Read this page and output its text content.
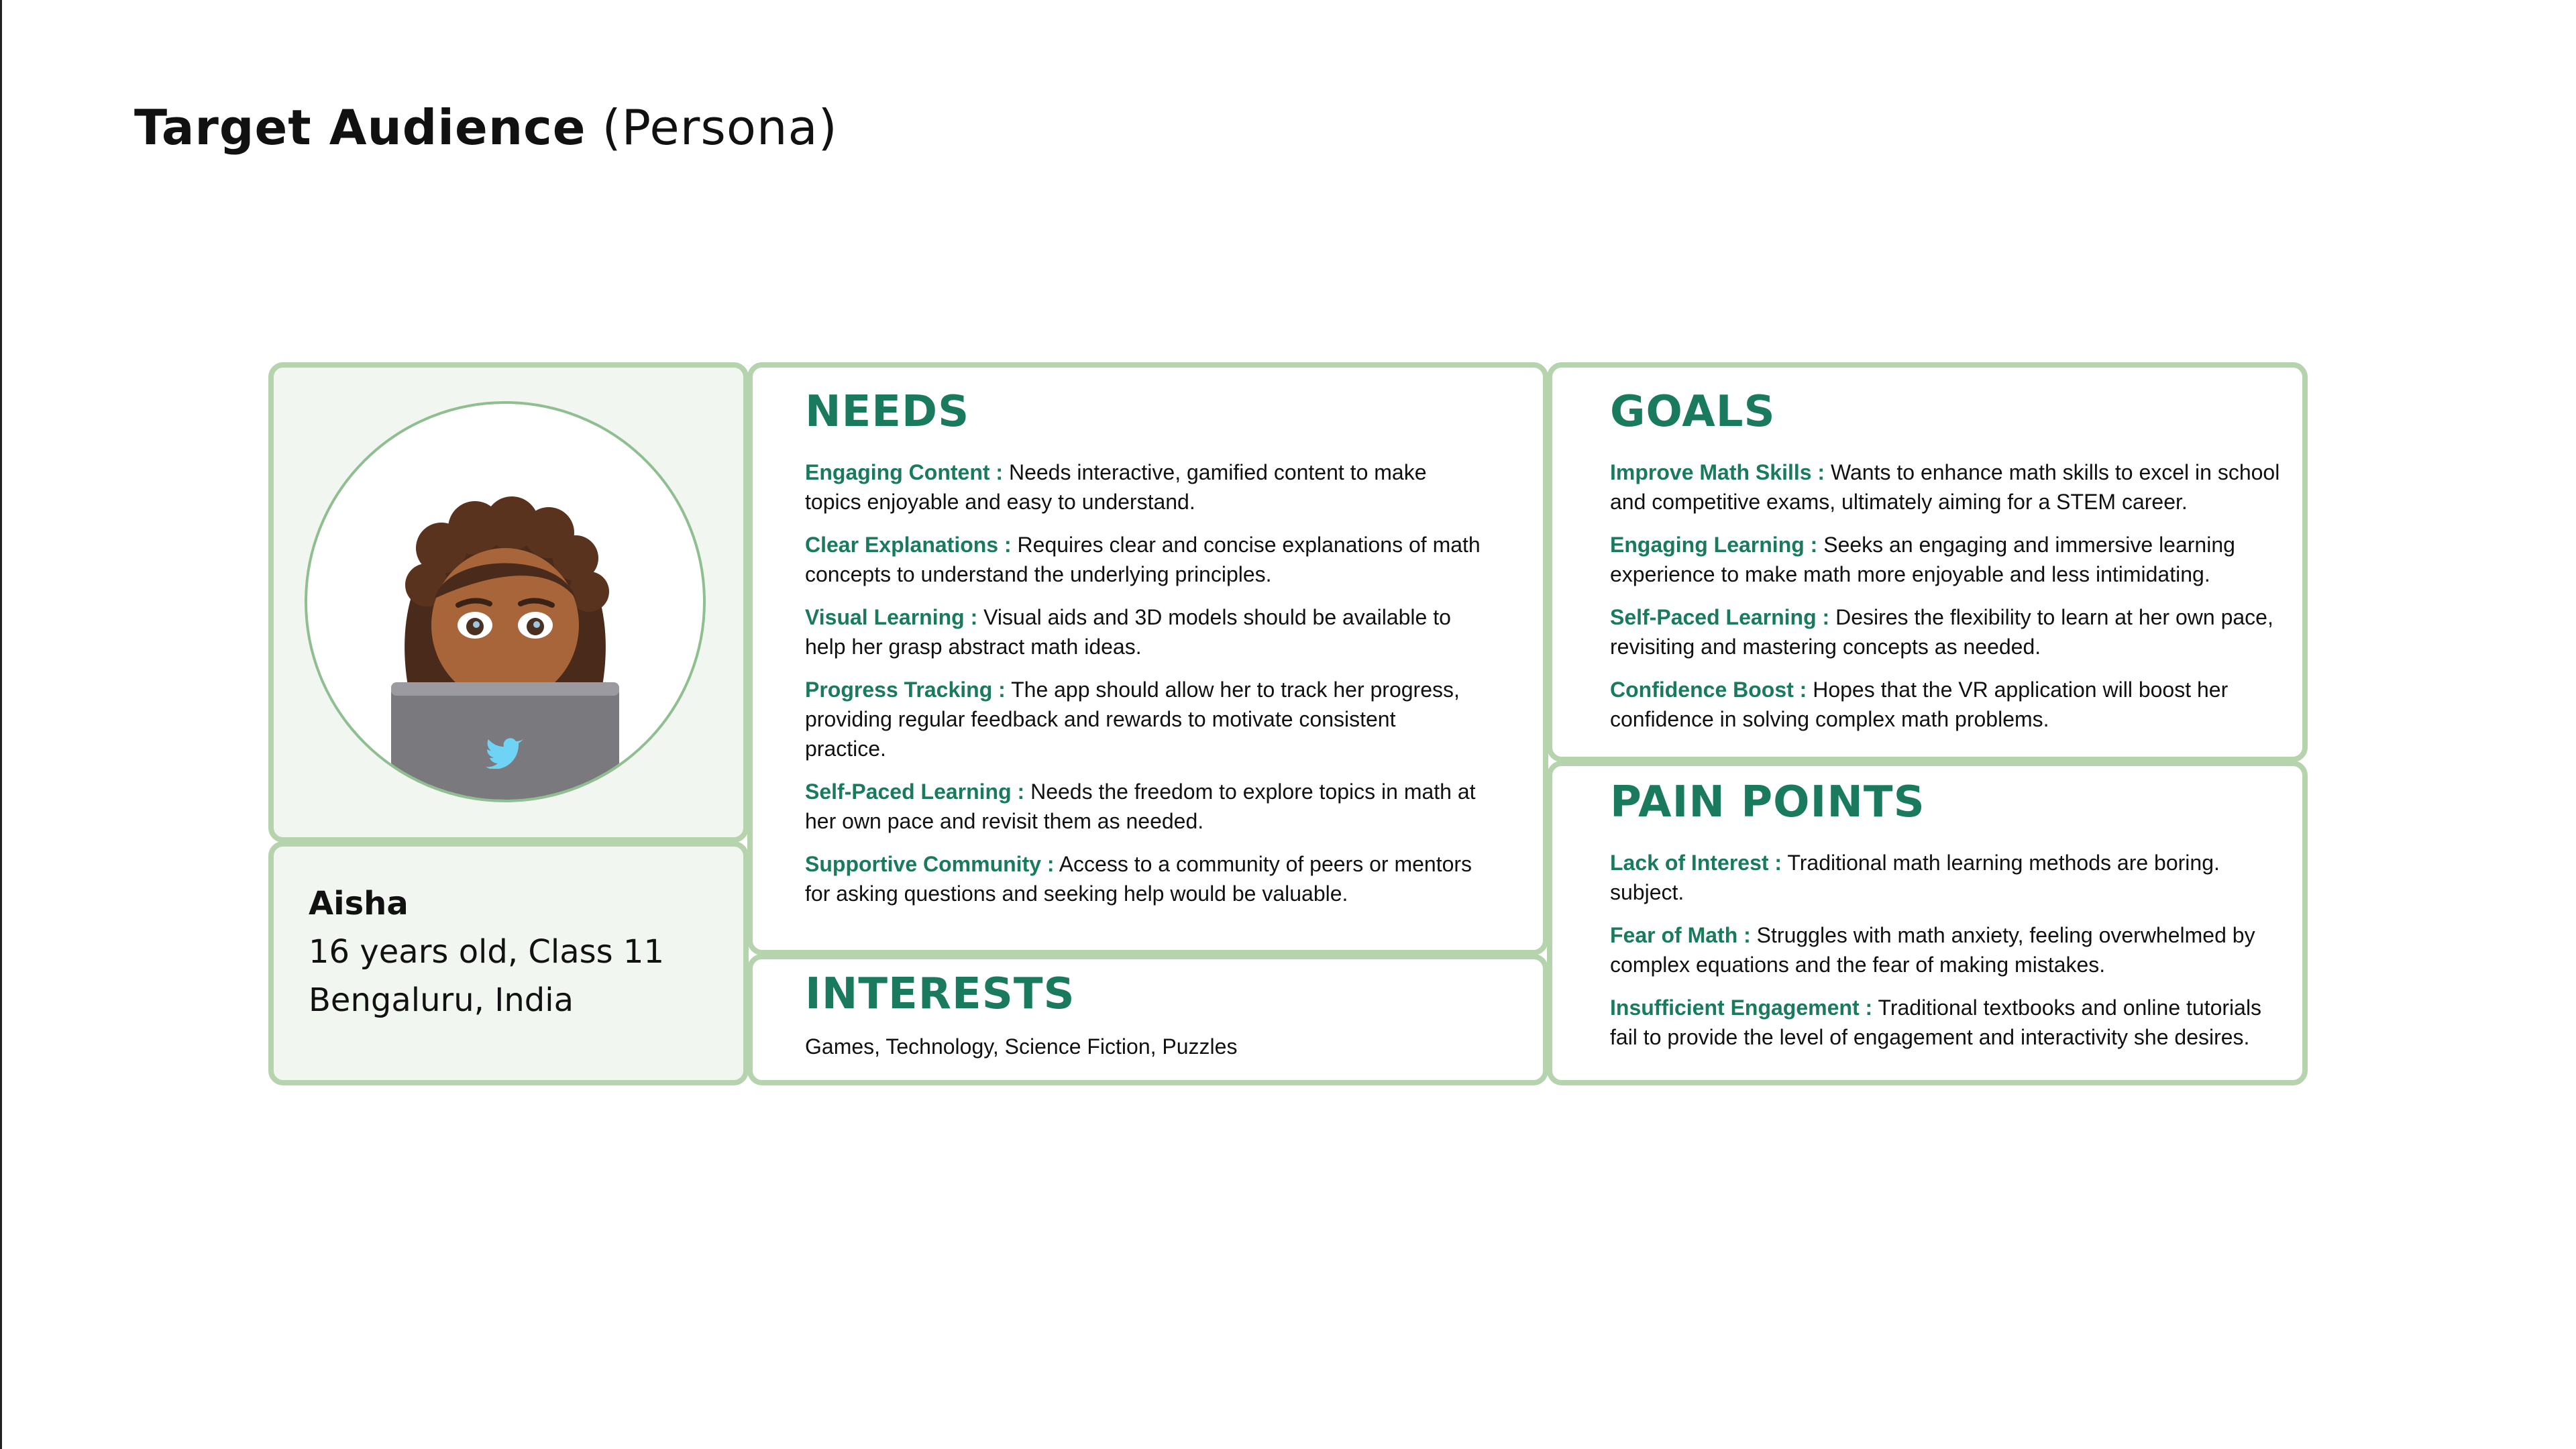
Target Audience (Persona)
Aisha
16 years old, Class 11
Bengaluru, India
NEEDS
Engaging Content : Needs interactive, gamified content to make topics enjoyable and easy to understand.
Clear Explanations : Requires clear and concise explanations of math concepts to understand the underlying principles.
Visual Learning : Visual aids and 3D models should be available to help her grasp abstract math ideas.
Progress Tracking : The app should allow her to track her progress, providing regular feedback and rewards to motivate consistent practice.
Self-Paced Learning : Needs the freedom to explore topics in math at her own pace and revisit them as needed.
Supportive Community : Access to a community of peers or mentors for asking questions and seeking help would be valuable.
INTERESTS
Games, Technology, Science Fiction, Puzzles
GOALS
Improve Math Skills : Wants to enhance math skills to excel in school and competitive exams, ultimately aiming for a STEM career.
Engaging Learning : Seeks an engaging and immersive learning experience to make math more enjoyable and less intimidating.
Self-Paced Learning : Desires the flexibility to learn at her own pace, revisiting and mastering concepts as needed.
Confidence Boost : Hopes that the VR application will boost her confidence in solving complex math problems.
PAIN POINTS
Lack of Interest : Traditional math learning methods are boring. subject.
Fear of Math : Struggles with math anxiety, feeling overwhelmed by complex equations and the fear of making mistakes.
Insufficient Engagement : Traditional textbooks and online tutorials fail to provide the level of engagement and interactivity she desires.
